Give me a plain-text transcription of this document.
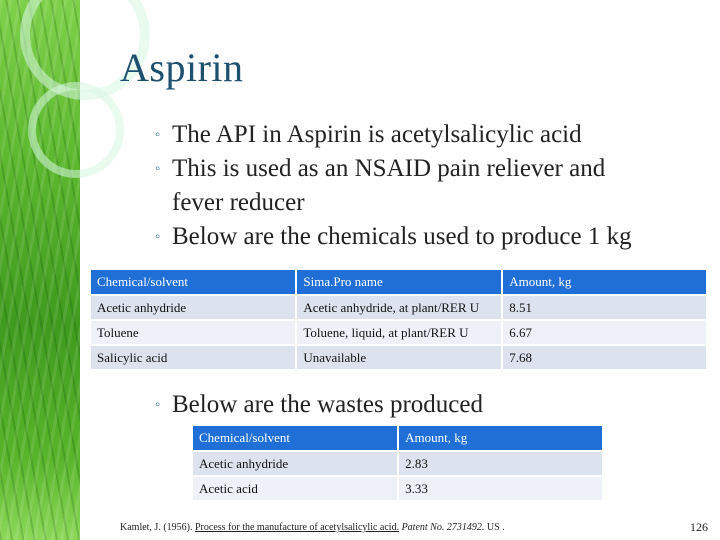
Aspirin
◦ The API in Aspirin is acetylsalicylic acid
◦ This is used as an NSAID pain reliever and
fever reducer
◦ Below are the chemicals used to produce 1 kg
Chemical/solvent	Sima.Pro name	Amount, kg
Acetic anhydride	Acetic anhydride, at plant/RER U	8.51
Toluene	Toluene, liquid, at plant/RER U	6.67
Salicylic acid	Unavailable	7.68
◦ Below are the wastes produced
Chemical/solvent	Amount, kg
Acetic anhydride	2.83
Acetic acid	3.33
Kamlet, J. (1956). Process for the manufacture of acetylsalicylic acid. Patent No. 2731492. US .	126
